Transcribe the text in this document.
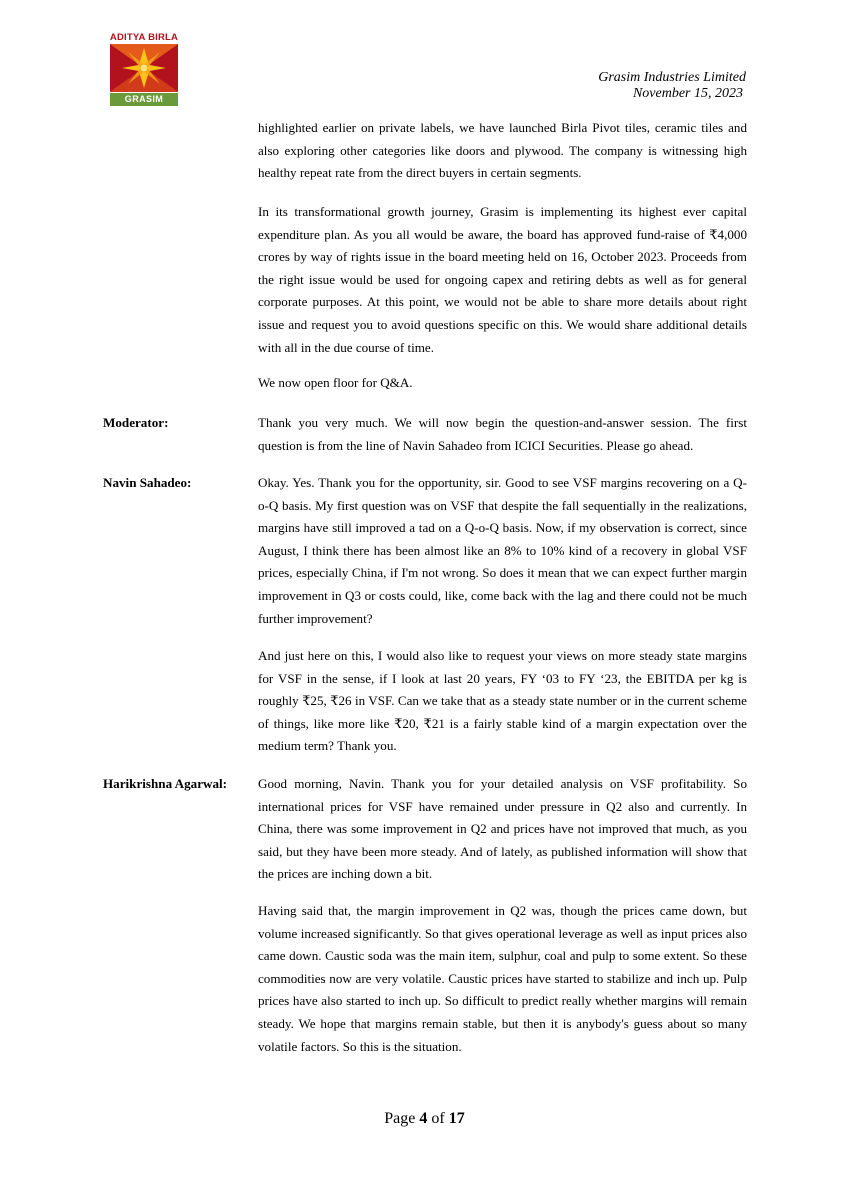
ADITYA BIRLA
GRASIM
Grasim Industries Limited
November 15, 2023
highlighted earlier on private labels, we have launched Birla Pivot tiles, ceramic tiles and also exploring other categories like doors and plywood. The company is witnessing high healthy repeat rate from the direct buyers in certain segments.
In its transformational growth journey, Grasim is implementing its highest ever capital expenditure plan. As you all would be aware, the board has approved fund-raise of ₹4,000 crores by way of rights issue in the board meeting held on 16, October 2023. Proceeds from the right issue would be used for ongoing capex and retiring debts as well as for general corporate purposes. At this point, we would not be able to share more details about right issue and request you to avoid questions specific on this. We would share additional details with all in the due course of time.
We now open floor for Q&A.
Moderator:	Thank you very much. We will now begin the question-and-answer session. The first question is from the line of Navin Sahadeo from ICICI Securities. Please go ahead.
Navin Sahadeo:	Okay. Yes. Thank you for the opportunity, sir. Good to see VSF margins recovering on a Q-o-Q basis. My first question was on VSF that despite the fall sequentially in the realizations, margins have still improved a tad on a Q-o-Q basis. Now, if my observation is correct, since August, I think there has been almost like an 8% to 10% kind of a recovery in global VSF prices, especially China, if I'm not wrong. So does it mean that we can expect further margin improvement in Q3 or costs could, like, come back with the lag and there could not be much further improvement?
And just here on this, I would also like to request your views on more steady state margins for VSF in the sense, if I look at last 20 years, FY ‘03 to FY ‘23, the EBITDA per kg is roughly ₹25, ₹26 in VSF. Can we take that as a steady state number or in the current scheme of things, like more like ₹20, ₹21 is a fairly stable kind of a margin expectation over the medium term? Thank you.
Harikrishna Agarwal: Good morning, Navin. Thank you for your detailed analysis on VSF profitability. So international prices for VSF have remained under pressure in Q2 also and currently. In China, there was some improvement in Q2 and prices have not improved that much, as you said, but they have been more steady. And of lately, as published information will show that the prices are inching down a bit.
Having said that, the margin improvement in Q2 was, though the prices came down, but volume increased significantly. So that gives operational leverage as well as input prices also came down. Caustic soda was the main item, sulphur, coal and pulp to some extent. So these commodities now are very volatile. Caustic prices have started to stabilize and inch up. Pulp prices have also started to inch up. So difficult to predict really whether margins will remain steady. We hope that margins remain stable, but then it is anybody's guess about so many volatile factors. So this is the situation.
Page 4 of 17
